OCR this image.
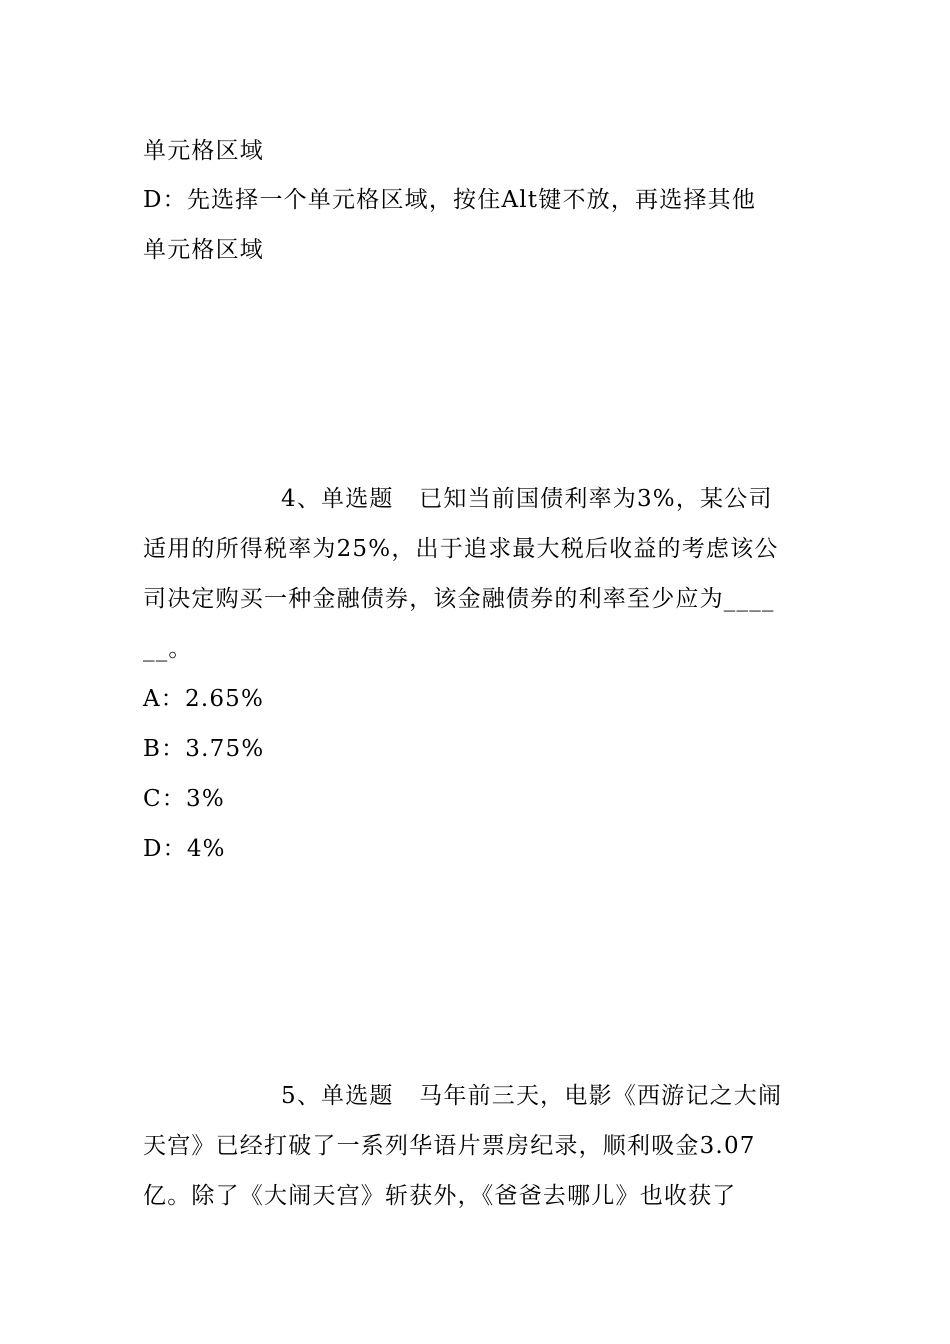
单元格区域
D：先选择一个单元格区域，按住Alt键不放，再选择其他
单元格区域
4、单选题   已知当前国债利率为3%，某公司
适用的所得税率为25%，出于追求最大税后收益的考虑该公
司决定购买一种金融债券，该金融债券的利率至少应为____
__。
A：2.65%
B：3.75%
C：3%
D：4%
5、单选题   马年前三天，电影《西游记之大闹
天宫》已经打破了一系列华语片票房纪录，顺利吸金3.07
亿。除了《大闹天宫》斩获外，《爸爸去哪儿》也收获了
